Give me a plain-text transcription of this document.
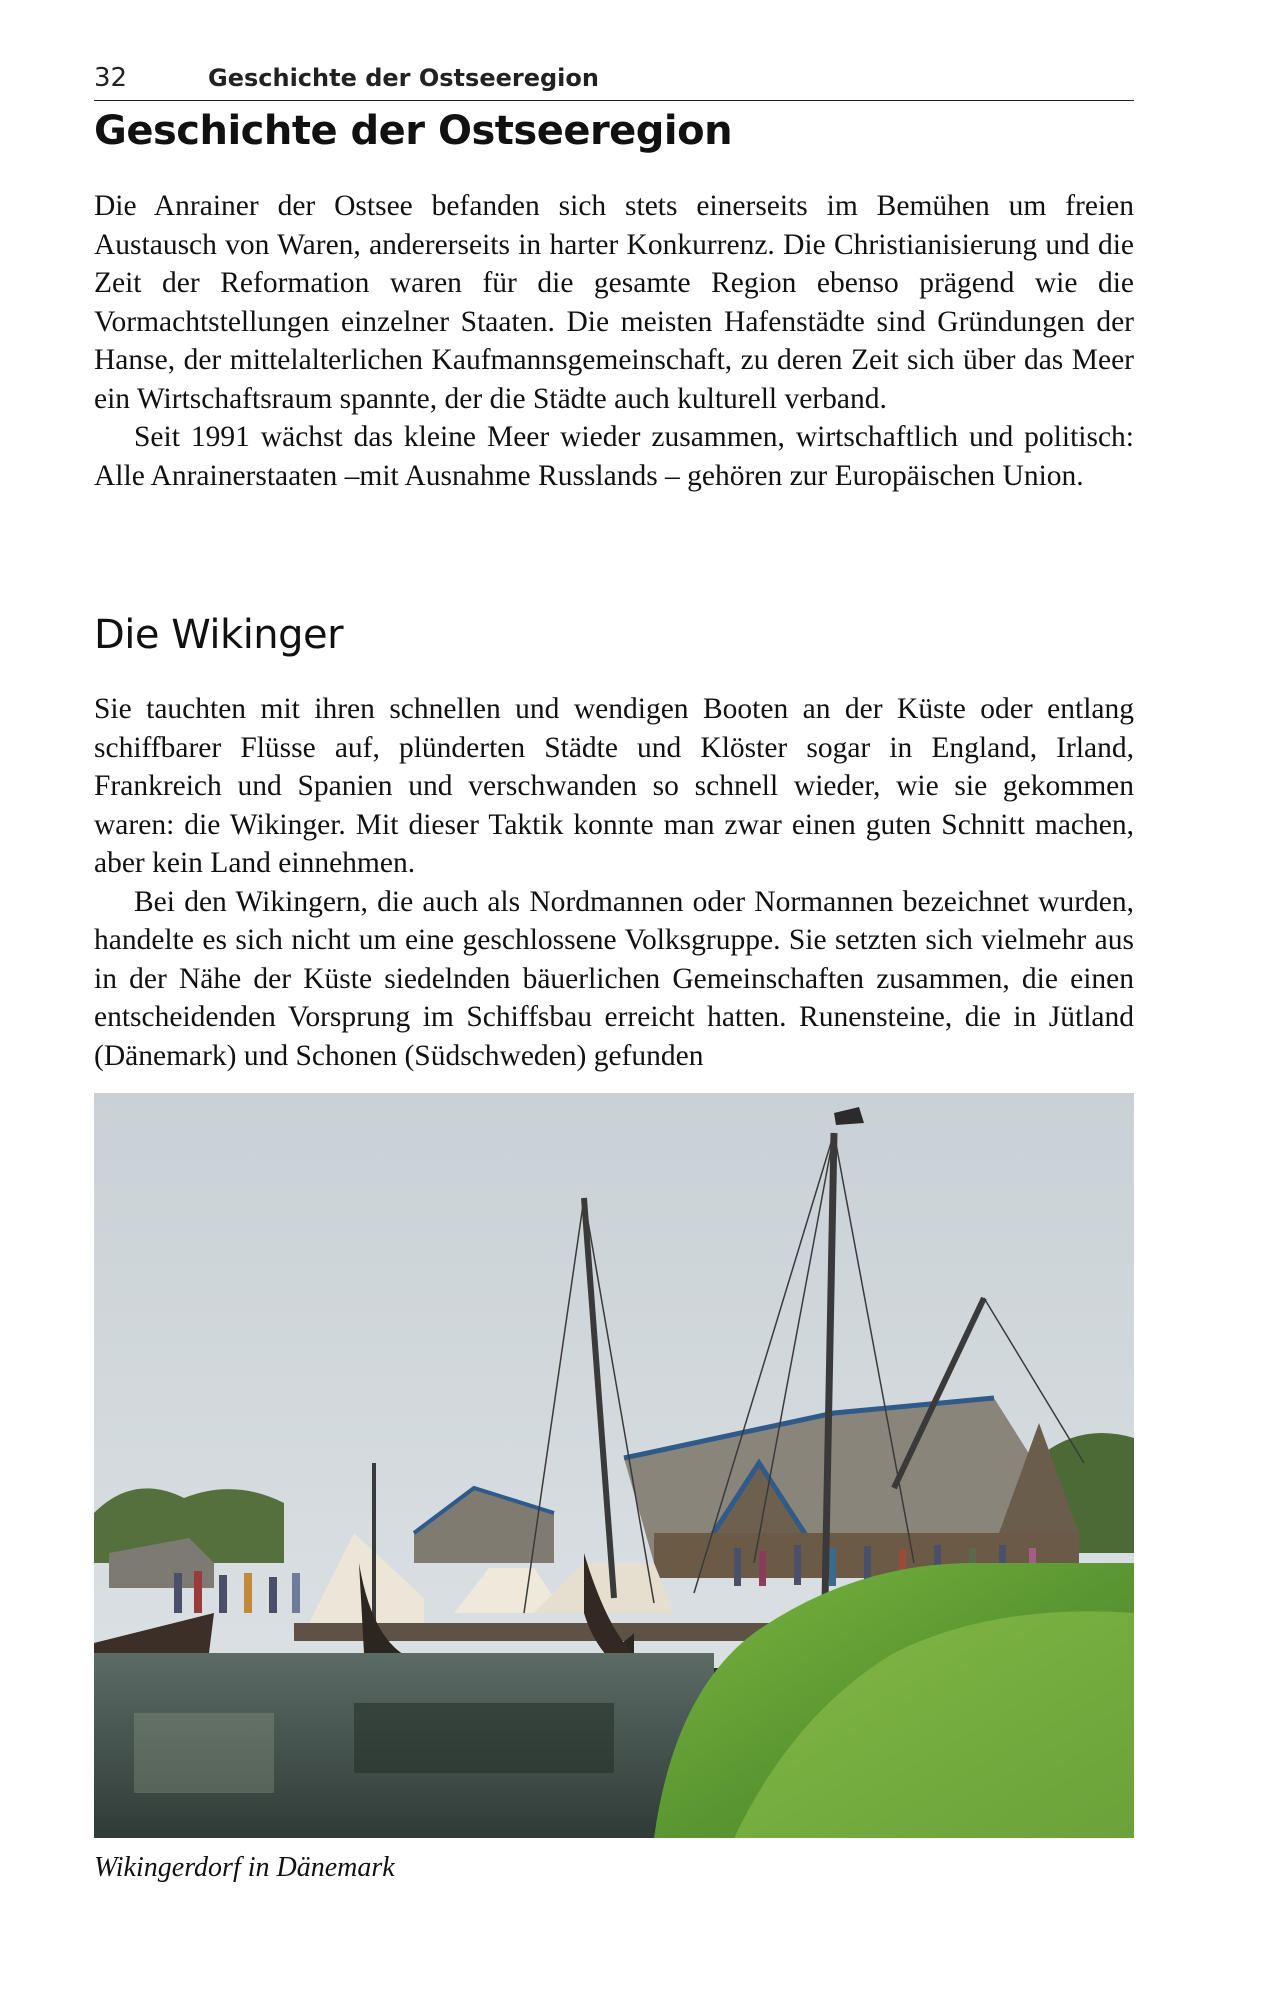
32	Geschichte der Ostseeregion
Geschichte der Ostseeregion

Die Anrainer der Ostsee befanden sich stets einerseits im Bemühen um freien Austausch von Waren, andererseits in harter Konkurrenz. Die Christianisierung und die Zeit der Reformation waren für die gesamte Region ebenso prägend wie die Vormachtstellungen einzelner Staaten. Die meisten Hafenstädte sind Gründungen der Hanse, der mittelalterlichen Kaufmannsgemeinschaft, zu deren Zeit sich über das Meer ein Wirtschaftsraum spannte, der die Städte auch kulturell verband.

Seit 1991 wächst das kleine Meer wieder zusammen, wirtschaftlich und politisch: Alle Anrainerstaaten –mit Ausnahme Russlands – gehören zur Europäischen Union.

Die Wikinger

Sie tauchten mit ihren schnellen und wendigen Booten an der Küste oder entlang schiffbarer Flüsse auf, plünderten Städte und Klöster sogar in England, Irland, Frankreich und Spanien und verschwanden so schnell wieder, wie sie gekommen waren: die Wikinger. Mit dieser Taktik konnte man zwar einen guten Schnitt machen, aber kein Land einnehmen.

Bei den Wikingern, die auch als Nordmannen oder Normannen bezeichnet wurden, handelte es sich nicht um eine geschlossene Volksgruppe. Sie setzten sich vielmehr aus in der Nähe der Küste siedelnden bäuerlichen Gemeinschaften zusammen, die einen entscheidenden Vorsprung im Schiffsbau erreicht hatten. Runensteine, die in Jütland (Dänemark) und Schonen (Südschweden) gefunden

Wikingerdorf in Dänemark
